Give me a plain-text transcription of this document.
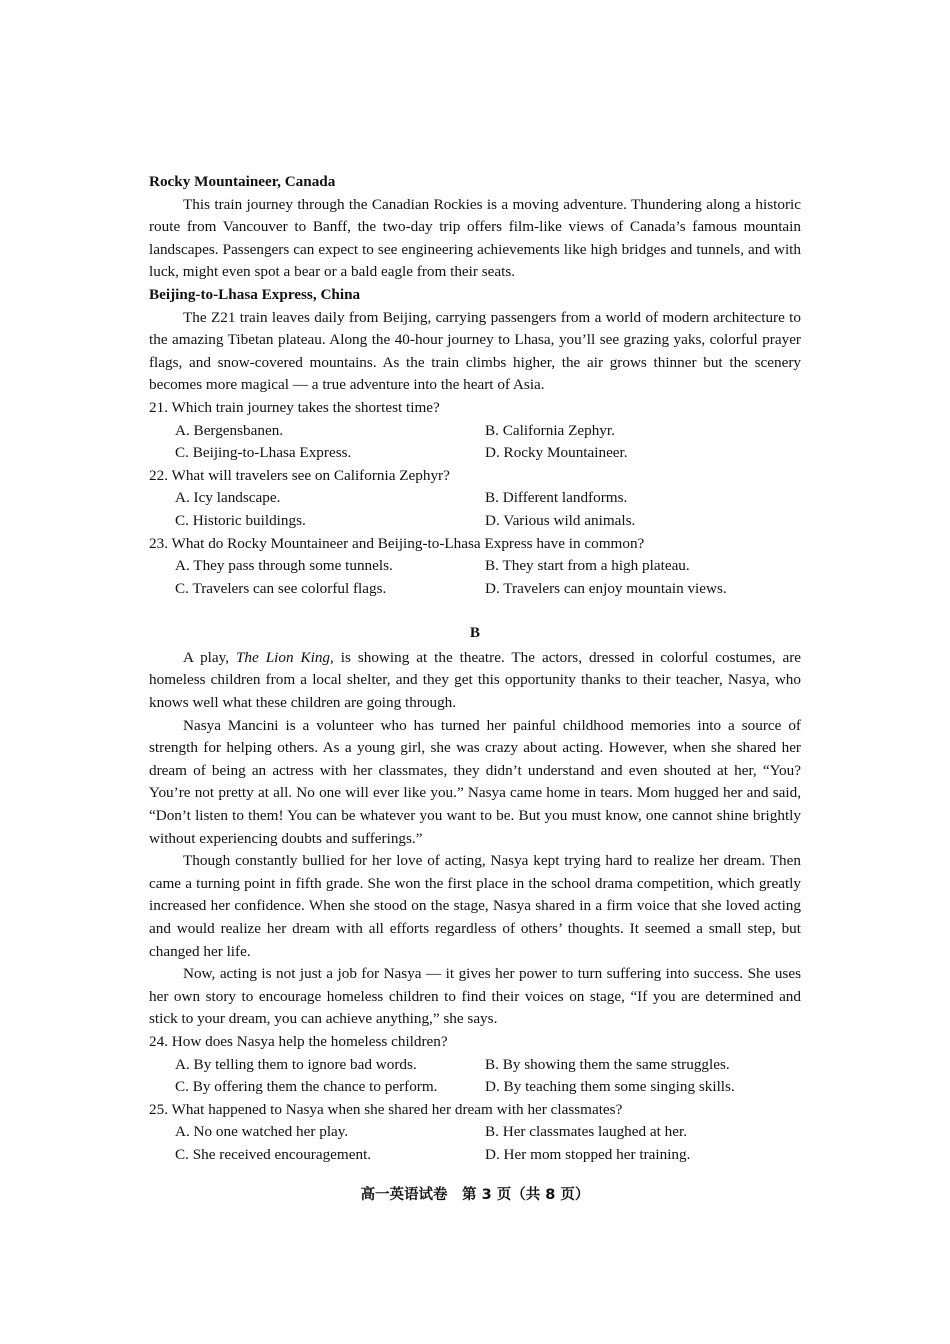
Rocky Mountaineer, Canada

This train journey through the Canadian Rockies is a moving adventure. Thundering along a historic route from Vancouver to Banff, the two-day trip offers film-like views of Canada’s famous mountain landscapes. Passengers can expect to see engineering achievements like high bridges and tunnels, and with luck, might even spot a bear or a bald eagle from their seats.

Beijing-to-Lhasa Express, China

The Z21 train leaves daily from Beijing, carrying passengers from a world of modern architecture to the amazing Tibetan plateau. Along the 40-hour journey to Lhasa, you’ll see grazing yaks, colorful prayer flags, and snow-covered mountains. As the train climbs higher, the air grows thinner but the scenery becomes more magical — a true adventure into the heart of Asia.

21. Which train journey takes the shortest time?

A. Bergensbanen.	B. California Zephyr.
C. Beijing-to-Lhasa Express.	D. Rocky Mountaineer.

22. What will travelers see on California Zephyr?

A. Icy landscape.	B. Different landforms.
C. Historic buildings.	D. Various wild animals.

23. What do Rocky Mountaineer and Beijing-to-Lhasa Express have in common?

A. They pass through some tunnels.	B. They start from a high plateau.
C. Travelers can see colorful flags.	D. Travelers can enjoy mountain views.
B

A play, The Lion King, is showing at the theatre. The actors, dressed in colorful costumes, are homeless children from a local shelter, and they get this opportunity thanks to their teacher, Nasya, who knows well what these children are going through.

Nasya Mancini is a volunteer who has turned her painful childhood memories into a source of strength for helping others. As a young girl, she was crazy about acting. However, when she shared her dream of being an actress with her classmates, they didn’t understand and even shouted at her, “You? You’re not pretty at all. No one will ever like you.” Nasya came home in tears. Mom hugged her and said, “Don’t listen to them! You can be whatever you want to be. But you must know, one cannot shine brightly without experiencing doubts and sufferings.”

Though constantly bullied for her love of acting, Nasya kept trying hard to realize her dream. Then came a turning point in fifth grade. She won the first place in the school drama competition, which greatly increased her confidence. When she stood on the stage, Nasya shared in a firm voice that she loved acting and would realize her dream with all efforts regardless of others’ thoughts. It seemed a small step, but changed her life.

Now, acting is not just a job for Nasya — it gives her power to turn suffering into success. She uses her own story to encourage homeless children to find their voices on stage, “If you are determined and stick to your dream, you can achieve anything,” she says.

24. How does Nasya help the homeless children?

A. By telling them to ignore bad words.	B. By showing them the same struggles.
C. By offering them the chance to perform.	D. By teaching them some singing skills.

25. What happened to Nasya when she shared her dream with her classmates?

A. No one watched her play.	B. Her classmates laughed at her.
C. She received encouragement.	D. Her mom stopped her training.
高一英语试卷　第 3 页（共 8 页）
